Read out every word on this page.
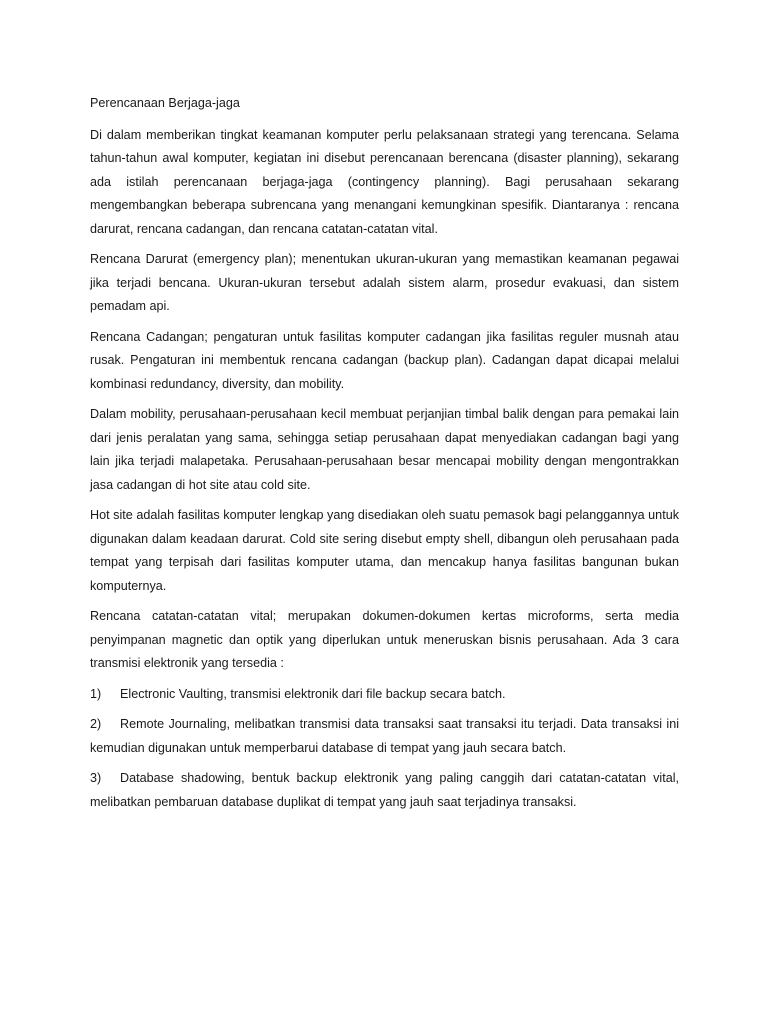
Perencanaan Berjaga-jaga

Di dalam memberikan tingkat keamanan komputer perlu pelaksanaan strategi yang terencana. Selama tahun-tahun awal komputer, kegiatan ini disebut perencanaan berencana (disaster planning), sekarang ada istilah perencanaan berjaga-jaga (contingency planning). Bagi perusahaan sekarang mengembangkan beberapa subrencana yang menangani kemungkinan spesifik. Diantaranya : rencana darurat, rencana cadangan, dan rencana catatan-catatan vital.

Rencana Darurat (emergency plan); menentukan ukuran-ukuran yang memastikan keamanan pegawai jika terjadi bencana. Ukuran-ukuran tersebut adalah sistem alarm, prosedur evakuasi, dan sistem pemadam api.

Rencana Cadangan; pengaturan untuk fasilitas komputer cadangan jika fasilitas reguler musnah atau rusak. Pengaturan ini membentuk rencana cadangan (backup plan). Cadangan dapat dicapai melalui kombinasi redundancy, diversity, dan mobility.

Dalam mobility, perusahaan-perusahaan kecil membuat perjanjian timbal balik dengan para pemakai lain dari jenis peralatan yang sama, sehingga setiap perusahaan dapat menyediakan cadangan bagi yang lain jika terjadi malapetaka. Perusahaan-perusahaan besar mencapai mobility dengan mengontrakkan jasa cadangan di hot site atau cold site.

Hot site adalah fasilitas komputer lengkap yang disediakan oleh suatu pemasok bagi pelanggannya untuk digunakan dalam keadaan darurat. Cold site sering disebut empty shell, dibangun oleh perusahaan pada tempat yang terpisah dari fasilitas komputer utama, dan mencakup hanya fasilitas bangunan bukan komputernya.

Rencana catatan-catatan vital; merupakan dokumen-dokumen kertas microforms, serta media penyimpanan magnetic dan optik yang diperlukan untuk meneruskan bisnis perusahaan. Ada 3 cara transmisi elektronik yang tersedia :

1) Electronic Vaulting, transmisi elektronik dari file backup secara batch.

2) Remote Journaling, melibatkan transmisi data transaksi saat transaksi itu terjadi. Data transaksi ini kemudian digunakan untuk memperbarui database di tempat yang jauh secara batch.

3) Database shadowing, bentuk backup elektronik yang paling canggih dari catatan-catatan vital, melibatkan pembaruan database duplikat di tempat yang jauh saat terjadinya transaksi.
